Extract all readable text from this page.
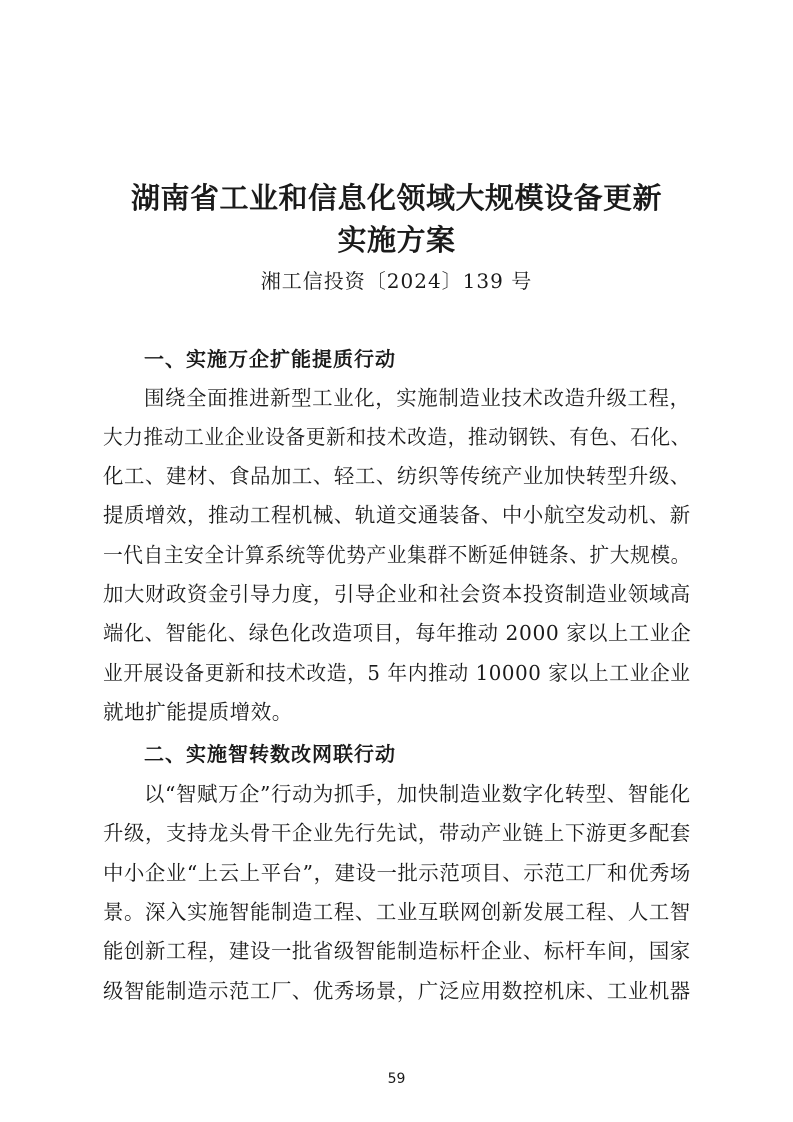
湖南省工业和信息化领域大规模设备更新
实施方案
湘工信投资〔2024〕139 号
一、实施万企扩能提质行动
围绕全面推进新型工业化，实施制造业技术改造升级工程，
大力推动工业企业设备更新和技术改造，推动钢铁、有色、石化、
化工、建材、食品加工、轻工、纺织等传统产业加快转型升级、
提质增效，推动工程机械、轨道交通装备、中小航空发动机、新
一代自主安全计算系统等优势产业集群不断延伸链条、扩大规模。
加大财政资金引导力度，引导企业和社会资本投资制造业领域高
端化、智能化、绿色化改造项目，每年推动 2000 家以上工业企
业开展设备更新和技术改造，5 年内推动 10000 家以上工业企业
就地扩能提质增效。
二、实施智转数改网联行动
以“智赋万企”行动为抓手，加快制造业数字化转型、智能化
升级，支持龙头骨干企业先行先试，带动产业链上下游更多配套
中小企业“上云上平台”，建设一批示范项目、示范工厂和优秀场
景。深入实施智能制造工程、工业互联网创新发展工程、人工智
能创新工程，建设一批省级智能制造标杆企业、标杆车间，国家
级智能制造示范工厂、优秀场景，广泛应用数控机床、工业机器
59
